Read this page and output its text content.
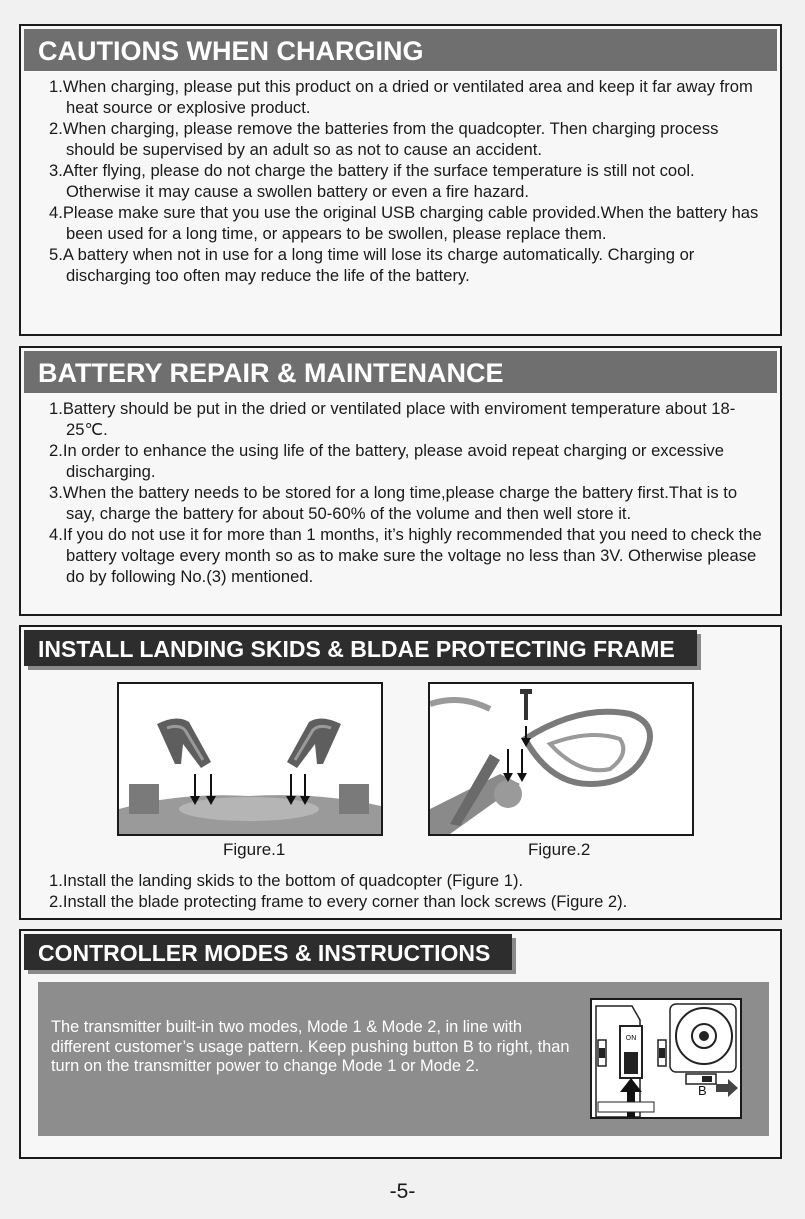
CAUTIONS WHEN CHARGING
1.When charging, please put this product on a dried or ventilated area and keep it far away from heat source or explosive product.
2.When charging, please remove the batteries from the quadcopter. Then charging process should be supervised by an adult so as not to cause an accident.
3.After flying, please do not charge the battery if the surface temperature is still not cool. Otherwise it may cause a swollen battery or even a fire hazard.
4.Please make sure that you use the original USB charging cable provided.When the battery has been used for a long time, or appears to be swollen, please replace them.
5.A battery when not in use for a long time will lose its charge automatically. Charging or discharging too often may reduce the life of the battery.
BATTERY REPAIR & MAINTENANCE
1.Battery should be put in the dried or ventilated place with enviroment temperature about 18-25℃.
2.In order to enhance the using life of the battery, please avoid repeat charging or excessive discharging.
3.When the battery needs to be stored for a long time,please charge the battery first.That is to say, charge the battery for about 50-60% of the volume and then well store it.
4.If you do not use it for more than 1 months, it’s highly recommended that you need to check the battery voltage every month so as to make sure the voltage no less than 3V. Otherwise please do by following No.(3) mentioned.
INSTALL LANDING SKIDS & BLDAE PROTECTING FRAME
Figure.1	Figure.2
1.Install the landing skids to the bottom of quadcopter (Figure 1).
2.Install the blade protecting frame to every corner than lock screws (Figure 2).
CONTROLLER MODES & INSTRUCTIONS
The transmitter built-in two modes, Mode 1 & Mode 2, in line with different customer’s usage pattern. Keep pushing button B to right, than turn on the transmitter power to change Mode 1 or Mode 2.
ON
B
-5-
